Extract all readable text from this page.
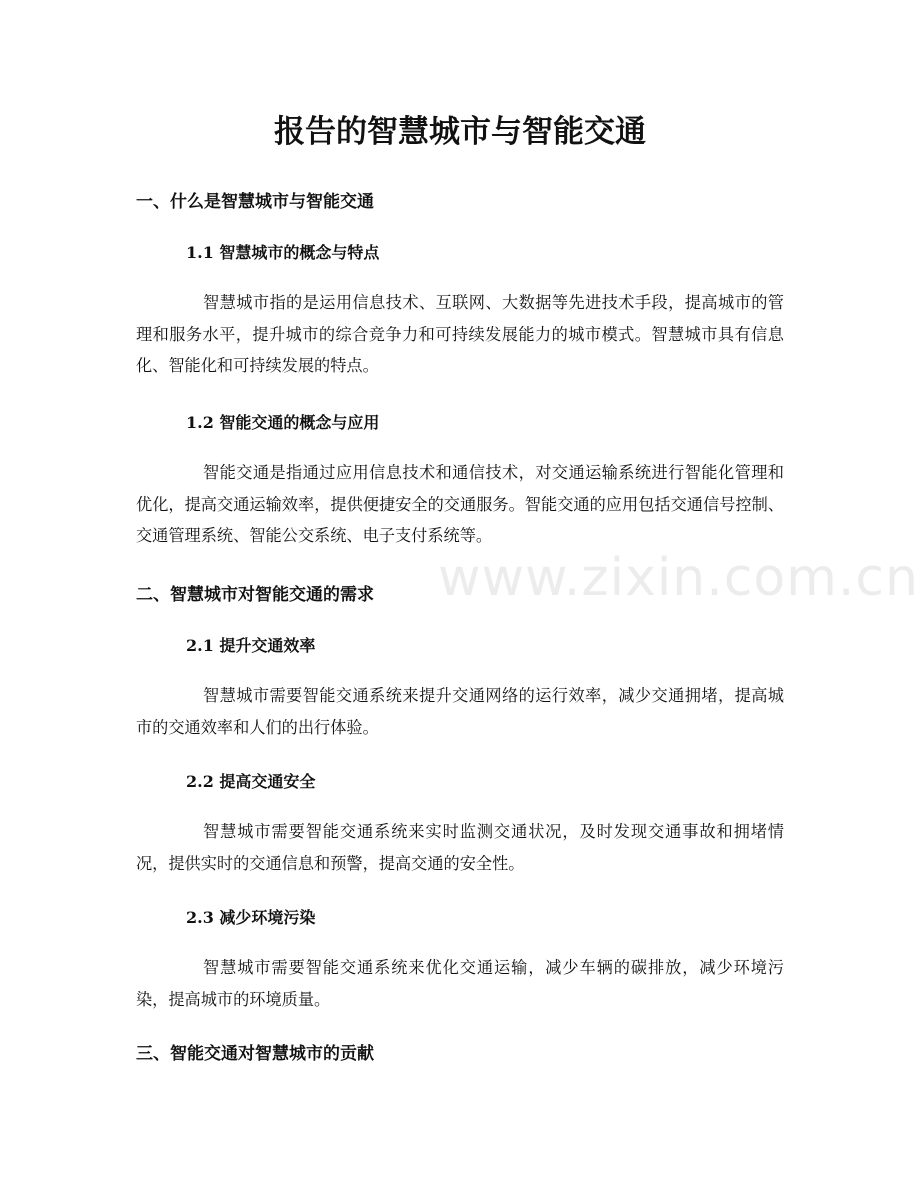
报告的智慧城市与智能交通
一、什么是智慧城市与智能交通
1.1 智慧城市的概念与特点

智慧城市指的是运用信息技术、互联网、大数据等先进技术手段，提高城市的管理和服务水平，提升城市的综合竞争力和可持续发展能力的城市模式。智慧城市具有信息化、智能化和可持续发展的特点。

1.2 智能交通的概念与应用

智能交通是指通过应用信息技术和通信技术，对交通运输系统进行智能化管理和优化，提高交通运输效率，提供便捷安全的交通服务。智能交通的应用包括交通信号控制、交通管理系统、智能公交系统、电子支付系统等。

二、智慧城市对智能交通的需求
2.1 提升交通效率

智慧城市需要智能交通系统来提升交通网络的运行效率，减少交通拥堵，提高城市的交通效率和人们的出行体验。

2.2 提高交通安全

智慧城市需要智能交通系统来实时监测交通状况，及时发现交通事故和拥堵情况，提供实时的交通信息和预警，提高交通的安全性。

2.3 减少环境污染

智慧城市需要智能交通系统来优化交通运输，减少车辆的碳排放，减少环境污染，提高城市的环境质量。

三、智能交通对智慧城市的贡献
www.zixin.com.cn
